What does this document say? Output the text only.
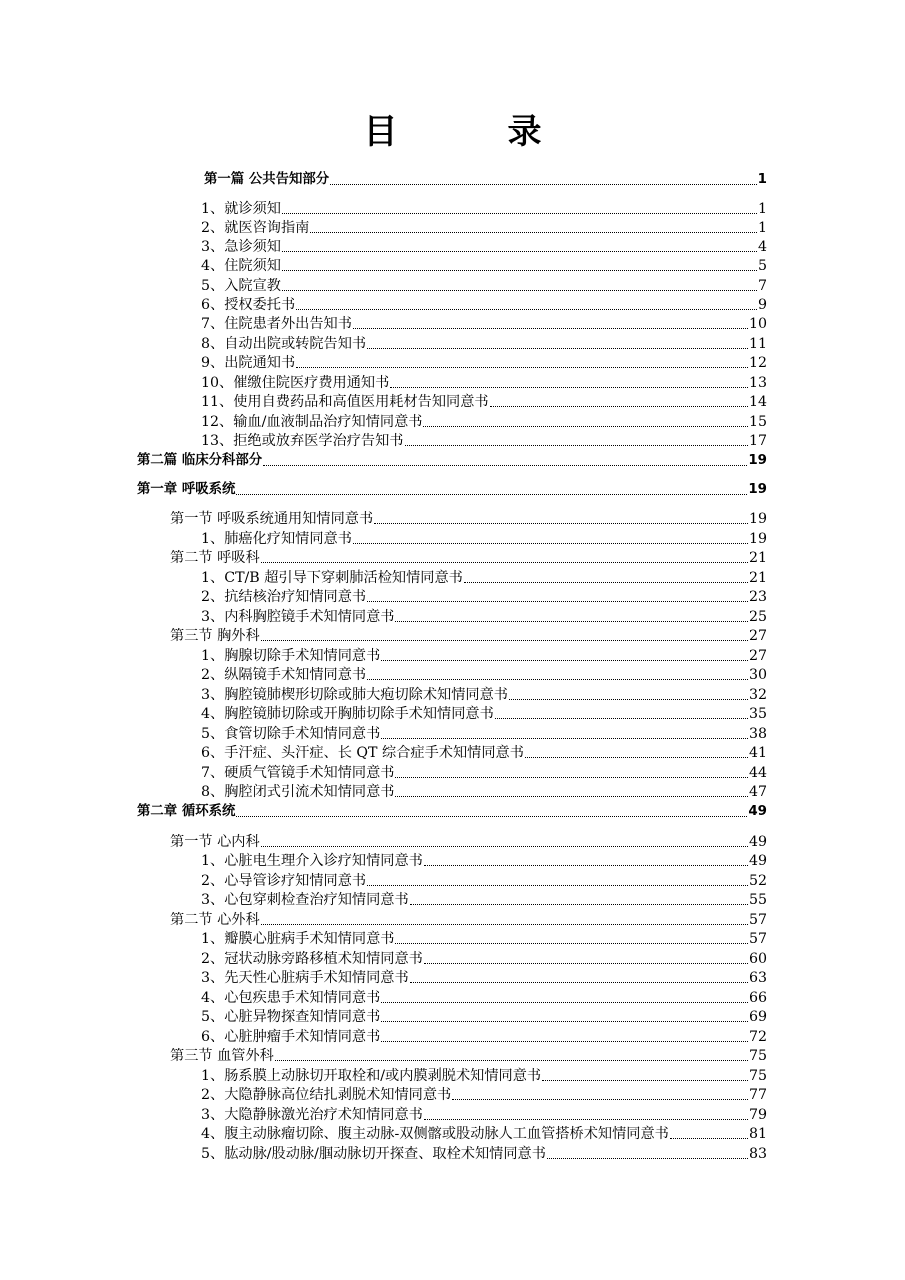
目　录
第一篇 公共告知部分	1
1、就诊须知	1
2、就医咨询指南	1
3、急诊须知	4
4、住院须知	5
5、入院宣教	7
6、授权委托书	9
7、住院患者外出告知书	10
8、自动出院或转院告知书	11
9、出院通知书	12
10、催缴住院医疗费用通知书	13
11、使用自费药品和高值医用耗材告知同意书	14
12、输血/血液制品治疗知情同意书	15
13、拒绝或放弃医学治疗告知书	17
第二篇 临床分科部分	19
第一章 呼吸系统	19
第一节 呼吸系统通用知情同意书	19
1、肺癌化疗知情同意书	19
第二节 呼吸科	21
1、CT/B 超引导下穿刺肺活检知情同意书	21
2、抗结核治疗知情同意书	23
3、内科胸腔镜手术知情同意书	25
第三节 胸外科	27
1、胸腺切除手术知情同意书	27
2、纵隔镜手术知情同意书	30
3、胸腔镜肺楔形切除或肺大疱切除术知情同意书	32
4、胸腔镜肺切除或开胸肺切除手术知情同意书	35
5、食管切除手术知情同意书	38
6、手汗症、头汗症、长 QT 综合症手术知情同意书	41
7、硬质气管镜手术知情同意书	44
8、胸腔闭式引流术知情同意书	47
第二章 循环系统	49
第一节 心内科	49
1、心脏电生理介入诊疗知情同意书	49
2、心导管诊疗知情同意书	52
3、心包穿刺检查治疗知情同意书	55
第二节 心外科	57
1、瓣膜心脏病手术知情同意书	57
2、冠状动脉旁路移植术知情同意书	60
3、先天性心脏病手术知情同意书	63
4、心包疾患手术知情同意书	66
5、心脏异物探查知情同意书	69
6、心脏肿瘤手术知情同意书	72
第三节 血管外科	75
1、肠系膜上动脉切开取栓和/或内膜剥脱术知情同意书	75
2、大隐静脉高位结扎剥脱术知情同意书	77
3、大隐静脉激光治疗术知情同意书	79
4、腹主动脉瘤切除、腹主动脉-双侧髂或股动脉人工血管搭桥术知情同意书	81
5、肱动脉/股动脉/腘动脉切开探查、取栓术知情同意书	83
